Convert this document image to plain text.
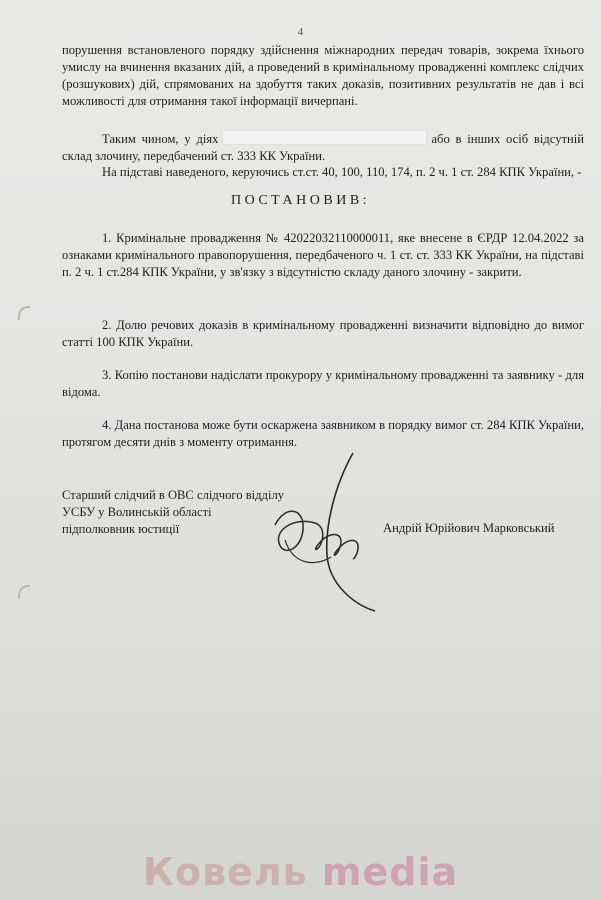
4

порушення встановленого порядку здійснення міжнародних передач товарів, зокрема їхнього умислу на вчинення вказаних дій, а проведений в кримінальному провадженні комплекс слідчих (розшукових) дій, спрямованих на здобуття таких доказів, позитивних результатів не дав і всі можливості для отримання такої інформації вичерпані.

Таким чином, у діях	або в інших осіб відсутній склад злочину, передбачений ст. 333 КК України.

На підставі наведеного, керуючись ст.ст. 40, 100, 110, 174, п. 2 ч. 1 ст. 284 КПК України, -

ПОСТАНОВИВ:

1. Кримінальне провадження № 42022032110000011, яке внесене в ЄРДР 12.04.2022 за ознаками кримінального правопорушення, передбаченого ч. 1 ст. ст. 333 КК України, на підставі п. 2 ч. 1 ст.284 КПК України, у зв'язку з відсутністю складу даного злочину - закрити.

2. Долю речових доказів в кримінальному провадженні визначити відповідно до вимог статті 100 КПК України.

3. Копію постанови надіслати прокурору у кримінальному провадженні та заявнику - для відома.

4. Дана постанова може бути оскаржена заявником в порядку вимог ст. 284 КПК України, протягом десяти днів з моменту отримання.

Старший слідчий в ОВС слідчого відділу
УСБУ у Волинській області
підполковник юстиції	Андрій Юрійович Марковський
Ковель media
